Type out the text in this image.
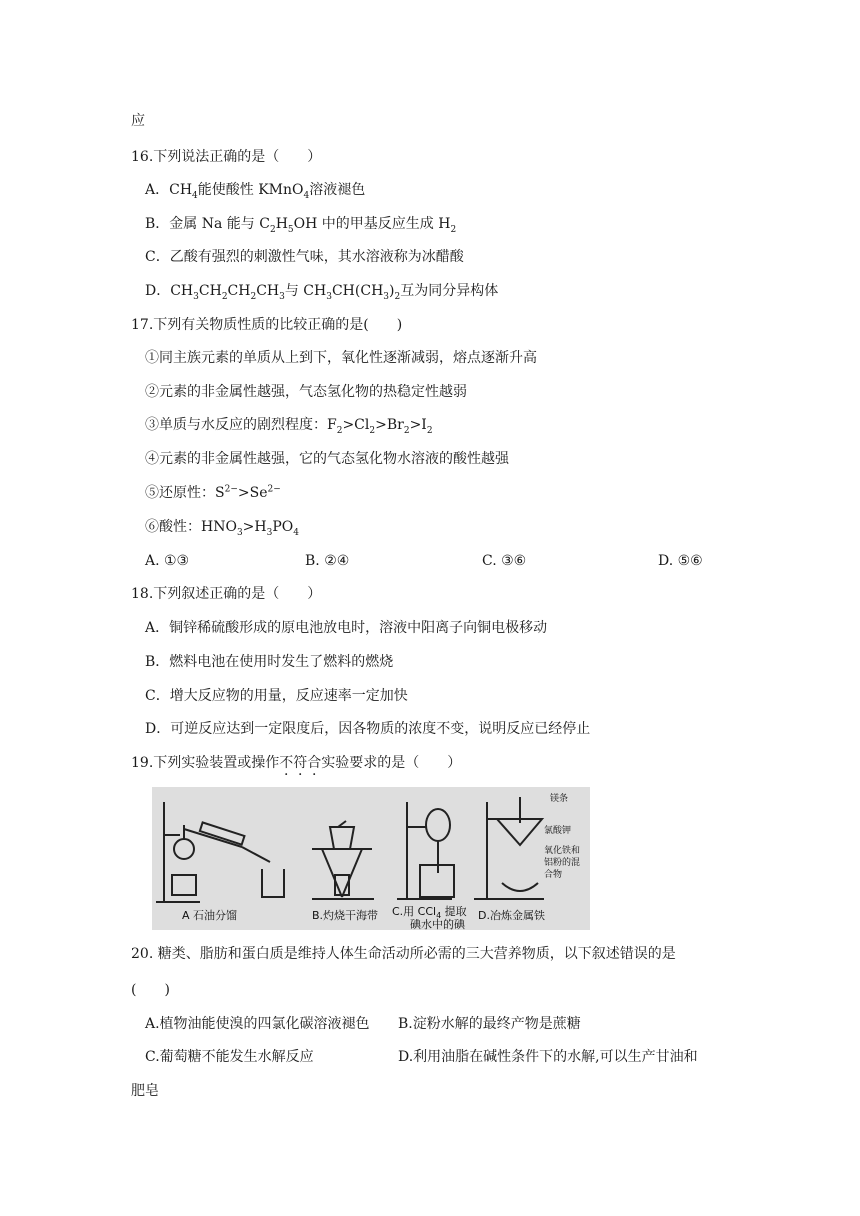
应
16.下列说法正确的是（　　）
A．$CH_4$能使酸性 KMnO$_4$溶液褪色
B．金属 Na 能与 $C_2H_5OH$ 中的甲基反应生成 $H_2$
C．乙酸有强烈的刺激性气味，其水溶液称为冰醋酸
D．$CH_3CH_2CH_2CH_3$与 $CH_3CH(CH_3)_2$互为同分异构体
17.下列有关物质性质的比较正确的是(　　)
①同主族元素的单质从上到下，氧化性逐渐减弱，熔点逐渐升高
②元素的非金属性越强，气态氢化物的热稳定性越弱
③单质与水反应的剧烈程度：$F_2>Cl_2>Br_2>I_2$
④元素的非金属性越强，它的气态氢化物水溶液的酸性越强
⑤还原性：$S^{2-}>Se^{2-}$
⑥酸性：$HNO_3>H_3PO_4$
A. ①③	B. ②④	C. ③⑥	D. ⑤⑥
18.下列叙述正确的是（　　）
A．铜锌稀硫酸形成的原电池放电时，溶液中阳离子向铜电极移动
B．燃料电池在使用时发生了燃料的燃烧
C．增大反应物的用量，反应速率一定加快
D．可逆反应达到一定限度后，因各物质的浓度不变，说明反应已经停止
19.下列实验装置或操作不符合实验要求的是（　　）
A 石油分馏	B.灼烧干海带 C.用 CCl$_4$ 提取
碘水中的碘
D.冶炼金属铁
镁条
氯酸钾
氧化铁和
铝粉的混
合物
20. 糖类、脂肪和蛋白质是维持人体生命活动所必需的三大营养物质，以下叙述错误的是
(　　)
A.植物油能使溴的四氯化碳溶液褪色 B.淀粉水解的最终产物是蔗糖
C.葡萄糖不能发生水解反应	D.利用油脂在碱性条件下的水解,可以生产甘油和
肥皂
